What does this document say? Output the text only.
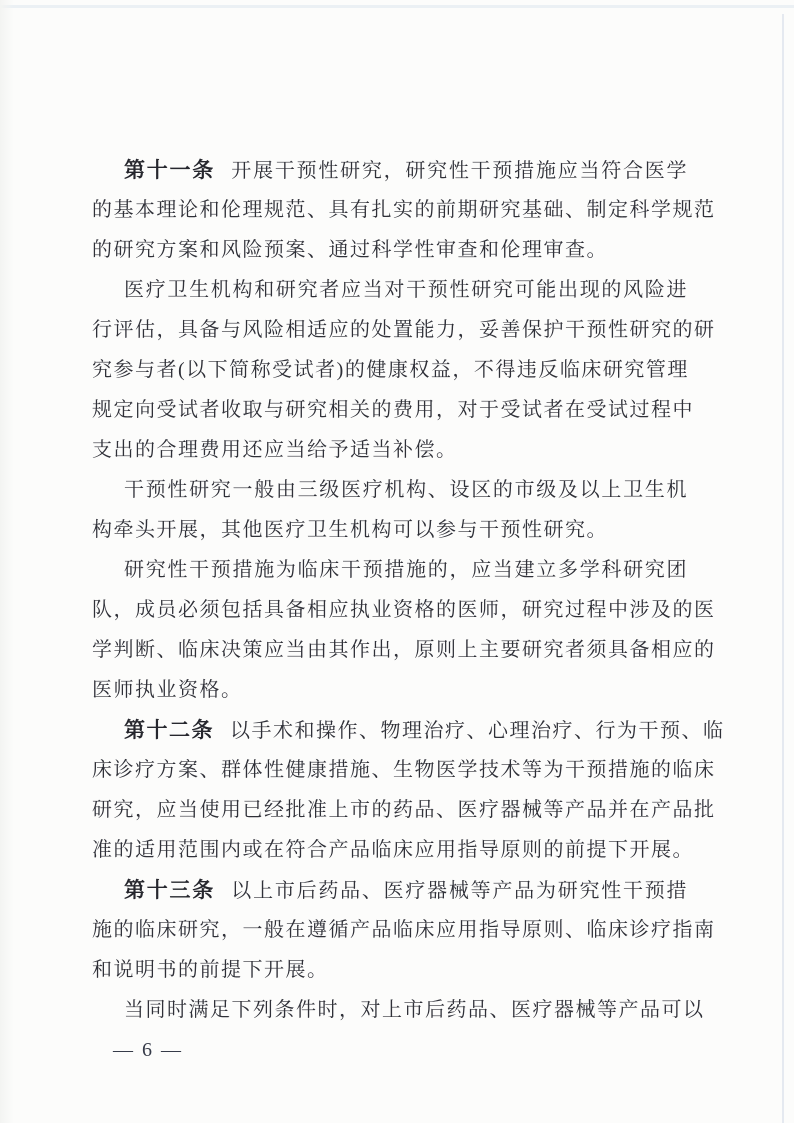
第十一条 开展干预性研究，研究性干预措施应当符合医学
的基本理论和伦理规范、具有扎实的前期研究基础、制定科学规范
的研究方案和风险预案、通过科学性审查和伦理审查。
医疗卫生机构和研究者应当对干预性研究可能出现的风险进
行评估，具备与风险相适应的处置能力，妥善保护干预性研究的研
究参与者(以下简称受试者)的健康权益，不得违反临床研究管理
规定向受试者收取与研究相关的费用，对于受试者在受试过程中
支出的合理费用还应当给予适当补偿。
干预性研究一般由三级医疗机构、设区的市级及以上卫生机
构牵头开展，其他医疗卫生机构可以参与干预性研究。
研究性干预措施为临床干预措施的，应当建立多学科研究团
队，成员必须包括具备相应执业资格的医师，研究过程中涉及的医
学判断、临床决策应当由其作出，原则上主要研究者须具备相应的
医师执业资格。
第十二条 以手术和操作、物理治疗、心理治疗、行为干预、临
床诊疗方案、群体性健康措施、生物医学技术等为干预措施的临床
研究，应当使用已经批准上市的药品、医疗器械等产品并在产品批
准的适用范围内或在符合产品临床应用指导原则的前提下开展。
第十三条 以上市后药品、医疗器械等产品为研究性干预措
施的临床研究，一般在遵循产品临床应用指导原则、临床诊疗指南
和说明书的前提下开展。
当同时满足下列条件时，对上市后药品、医疗器械等产品可以
— 6 —
